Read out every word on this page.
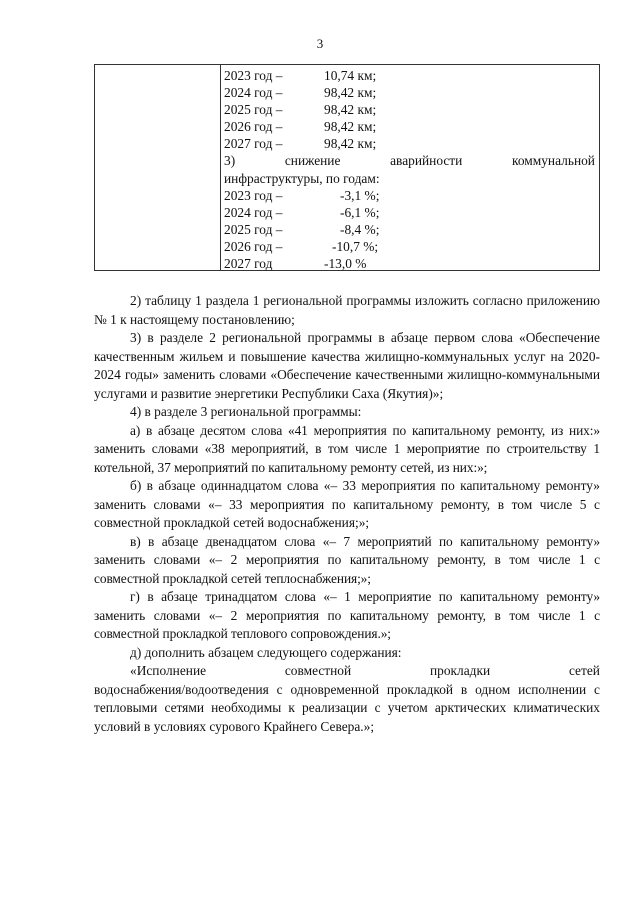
3
2023 год –	10,74 км;
2024 год –	98,42 км;
2025 год –	98,42 км;
2026 год –	98,42 км;
2027 год –	98,42 км;
3)	снижение	аварийности	коммунальной
инфраструктуры, по годам:
2023 год –	-3,1 %;
2024 год –	-6,1 %;
2025 год –	-8,4 %;
2026 год –	-10,7 %;
2027 год	-13,0 %

2) таблицу 1 раздела 1 региональной программы изложить согласно приложению № 1 к настоящему постановлению;

3) в разделе 2 региональной программы в абзаце первом слова «Обеспечение качественным жильем и повышение качества жилищно-коммунальных услуг на 2020-2024 годы» заменить словами «Обеспечение качественными жилищно-коммунальными услугами и развитие энергетики Республики Саха (Якутия)»;

4) в разделе 3 региональной программы:

а) в абзаце десятом слова «41 мероприятия по капитальному ремонту, из них:» заменить словами «38 мероприятий, в том числе 1 мероприятие по строительству 1 котельной, 37 мероприятий по капитальному ремонту сетей, из них:»;

б) в абзаце одиннадцатом слова «– 33 мероприятия по капитальному ремонту» заменить словами «– 33 мероприятия по капитальному ремонту, в том числе 5 с совместной прокладкой сетей водоснабжения;»;

в) в абзаце двенадцатом слова «– 7 мероприятий по капитальному ремонту» заменить словами «– 2 мероприятия по капитальному ремонту, в том числе 1 с совместной прокладкой сетей теплоснабжения;»;

г) в абзаце тринадцатом слова «– 1 мероприятие по капитальному ремонту» заменить словами «– 2 мероприятия по капитальному ремонту, в том числе 1 с совместной прокладкой теплового сопровождения.»;

д) дополнить абзацем следующего содержания:

«Исполнение	совместной	прокладки	сетей

водоснабжения/водоотведения с одновременной прокладкой в одном исполнении с тепловыми сетями необходимы к реализации с учетом арктических климатических условий в условиях сурового Крайнего Севера.»;
